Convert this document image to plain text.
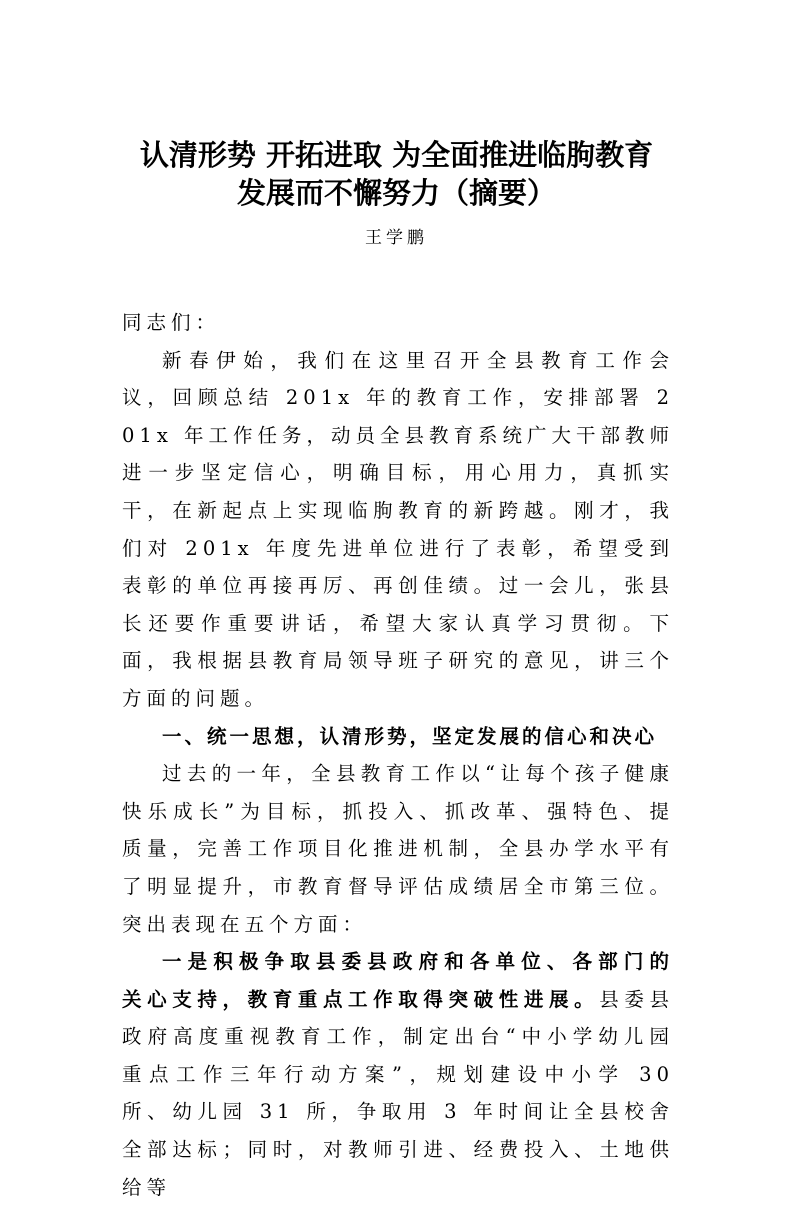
认清形势 开拓进取 为全面推进临朐教育
发展而不懈努力（摘要）
王学鹏

同志们：

新春伊始，我们在这里召开全县教育工作会议，回顾总结 201x 年的教育工作，安排部署 201x 年工作任务，动员全县教育系统广大干部教师进一步坚定信心，明确目标，用心用力，真抓实干，在新起点上实现临朐教育的新跨越。刚才，我们对 201x 年度先进单位进行了表彰，希望受到表彰的单位再接再厉、再创佳绩。过一会儿，张县长还要作重要讲话，希望大家认真学习贯彻。下面，我根据县教育局领导班子研究的意见，讲三个方面的问题。

一、统一思想，认清形势，坚定发展的信心和决心

过去的一年，全县教育工作以“让每个孩子健康快乐成长”为目标，抓投入、抓改革、强特色、提质量，完善工作项目化推进机制，全县办学水平有了明显提升，市教育督导评估成绩居全市第三位。突出表现在五个方面：

一是积极争取县委县政府和各单位、各部门的关心支持，教育重点工作取得突破性进展。县委县政府高度重视教育工作，制定出台“中小学幼儿园重点工作三年行动方案”，规划建设中小学 30 所、幼儿园 31 所，争取用 3 年时间让全县校舍全部达标；同时，对教师引进、经费投入、土地供给等
